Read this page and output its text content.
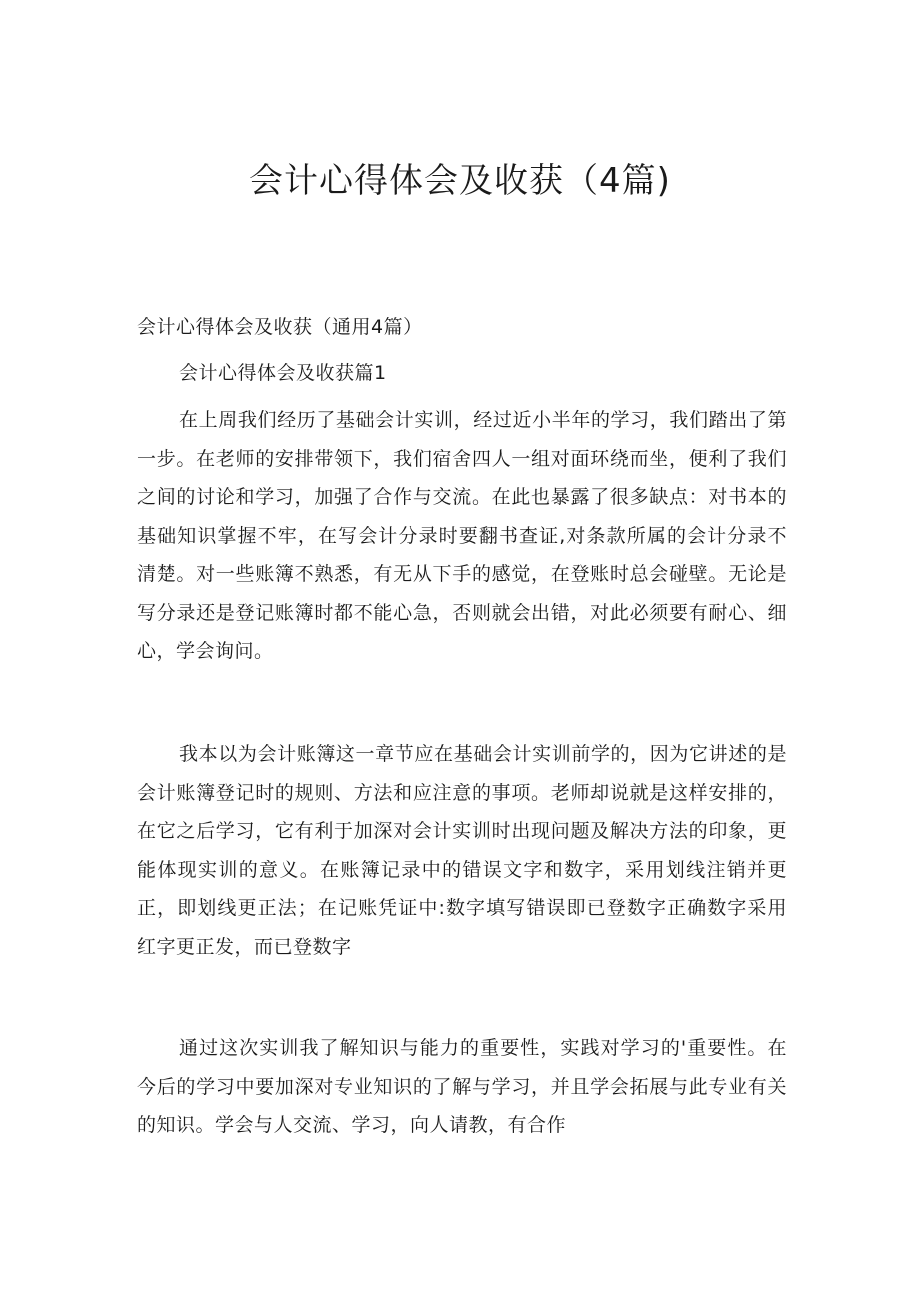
会计心得体会及收获（4篇)

会计心得体会及收获（通用4篇）

会计心得体会及收获篇1

在上周我们经历了基础会计实训，经过近小半年的学习，我们踏出了第一步。在老师的安排带领下，我们宿舍四人一组对面环绕而坐，便利了我们之间的讨论和学习，加强了合作与交流。在此也暴露了很多缺点：对书本的基础知识掌握不牢，在写会计分录时要翻书查证,对条款所属的会计分录不清楚。对一些账簿不熟悉，有无从下手的感觉，在登账时总会碰壁。无论是写分录还是登记账簿时都不能心急，否则就会出错，对此必须要有耐心、细心，学会询问。

我本以为会计账簿这一章节应在基础会计实训前学的，因为它讲述的是会计账簿登记时的规则、方法和应注意的事项。老师却说就是这样安排的，在它之后学习，它有利于加深对会计实训时出现问题及解决方法的印象，更能体现实训的意义。在账簿记录中的错误文字和数字，采用划线注销并更正，即划线更正法；在记账凭证中:数字填写错误即已登数字正确数字采用红字更正发，而已登数字

通过这次实训我了解知识与能力的重要性，实践对学习的'重要性。在今后的学习中要加深对专业知识的了解与学习，并且学会拓展与此专业有关的知识。学会与人交流、学习，向人请教，有合作
